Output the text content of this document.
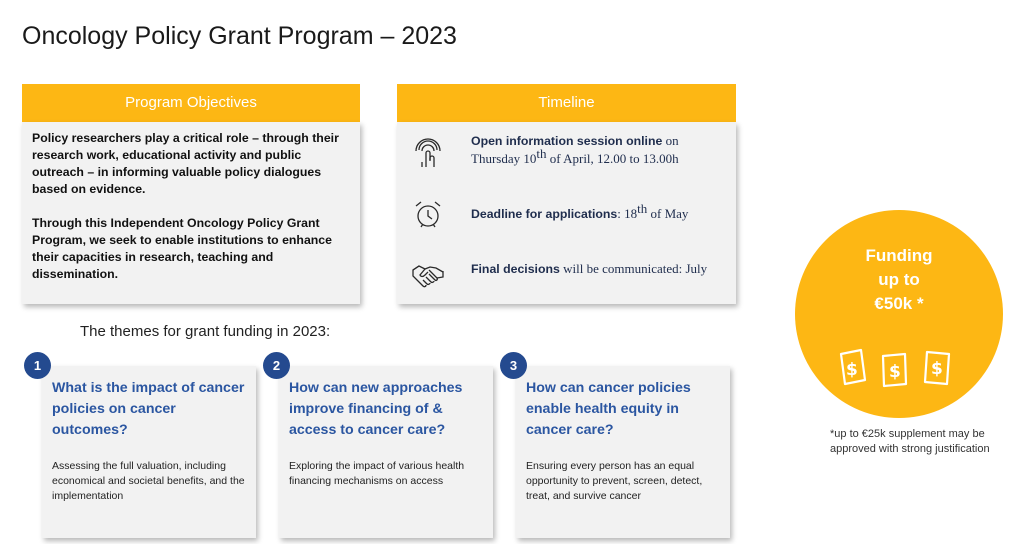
Oncology Policy Grant Program – 2023
Program Objectives

Policy researchers play a critical role – through their research work, educational activity and public outreach – in informing valuable policy dialogues based on evidence.

Through this Independent Oncology Policy Grant Program, we seek to enable institutions to enhance their capacities in research, teaching and dissemination.

Timeline
Open information session online on Thursday 10th of April, 12.00 to 13.00h
Deadline for applications: 18th of May
Final decisions will be communicated: July
The themes for grant funding in 2023:
What is the impact of cancer policies on cancer outcomes?
Assessing the full valuation, including economical and societal benefits, and the implementation
How can new approaches improve financing of & access to cancer care?
Exploring the impact of various health financing mechanisms on access
How can cancer policies enable health equity in cancer care?
Ensuring every person has an equal opportunity to prevent, screen, detect, treat, and survive cancer
1	2	3
Funding
up to
€50k *
$ $ $
*up to €25k supplement may be approved with strong justification
